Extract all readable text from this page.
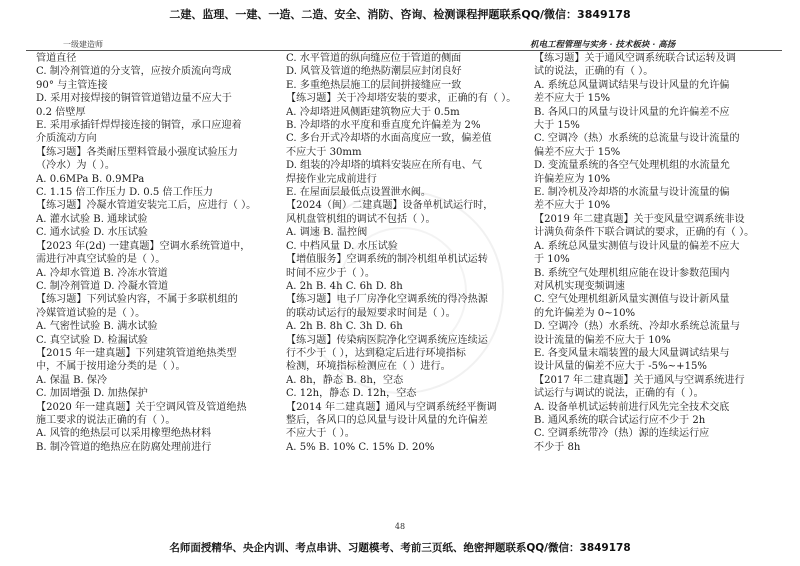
二建、监理、一建、一造、二造、安全、消防、咨询、检测课程押题联系QQ/微信：3849178
一级建造师	机电工程管理与实务 · 技术板块 · 高扬
管道直径
C. 制冷剂管道的分支管，应按介质流向弯成
90° 与主管连接
D. 采用对接焊接的铜管管道错边量不应大于
0.2 倍壁厚
E. 采用承插钎焊焊接连接的铜管，承口应迎着
介质流动方向
【练习题】各类耐压塑料管最小强度试验压力
（冷水）为（ ）。
A. 0.6MPa B. 0.9MPa
C. 1.15 倍工作压力 D. 0.5 倍工作压力
【练习题】冷凝水管道安装完工后，应进行（ ）。
A. 灌水试验 B. 通球试验
C. 通水试验 D. 水压试验
【2023 年(2d) 一建真题】空调水系统管道中，
需进行冲真空试验的是（ ）。
A. 冷却水管道 B. 冷冻水管道
C. 制冷剂管道 D. 冷凝水管道
【练习题】下列试验内容，不属于多联机组的
冷媒管道试验的是（ ）。
A. 气密性试验 B. 满水试验
C. 真空试验 D. 检漏试验
【2015 年一建真题】下列建筑管道绝热类型
中，不属于按用途分类的是（ ）。
A. 保温 B. 保冷
C. 加固增强 D. 加热保护
【2020 年一建真题】关于空调风管及管道绝热
施工要求的说法正确的有（ ）。
A. 风管的绝热层可以采用橡塑绝热材料
B. 制冷管道的绝热应在防腐处理前进行
C. 水平管道的纵向缝应位于管道的侧面
D. 风管及管道的绝热防潮层应封闭良好
E. 多重绝热层施工的层间拼接缝应一致
【练习题】关于冷却塔安装的要求，正确的有（ ）。
A. 冷却塔进风侧距建筑物应大于 0.5m
B. 冷却塔的水平度和垂直度允许偏差为 2%
C. 多台开式冷却塔的水面高度应一致，偏差值
不应大于 30mm
D. 组装的冷却塔的填料安装应在所有电、气
焊接作业完成前进行
E. 在屋面层最低点设置泄水阀。
【2024（闽）二建真题】设备单机试运行时，
风机盘管机组的调试不包括（ ）。
A. 调速 B. 温控阀
C. 中档风量 D. 水压试验
【增值服务】空调系统的制冷机组单机试运转
时间不应少于（ ）。
A. 2h B. 4h C. 6h D. 8h
【练习题】电子厂房净化空调系统的得冷热源
的联动试运行的最短要求时间是（ ）。
A. 2h B. 8h C. 3h D. 6h
【练习题】传染病医院净化空调系统应连续运
行不少于（ ），达到稳定后进行环境指标
检测，环境指标检测应在（ ）进行。
A. 8h，静态 B. 8h，空态
C. 12h，静态 D. 12h，空态
【2014 年二建真题】通风与空调系统经平衡调
整后，各风口的总风量与设计风量的允许偏差
不应大于（ ）。
A. 5% B. 10% C. 15% D. 20%
【练习题】关于通风空调系统联合试运转及调
试的说法，正确的有（ ）。
A. 系统总风量调试结果与设计风量的允许偏
差不应大于 15%
B. 各风口的风量与设计风量的允许偏差不应
大于 15%
C. 空调冷（热）水系统的总流量与设计流量的
偏差不应大于 15%
D. 变流量系统的各空气处理机组的水流量允
许偏差应为 10%
E. 制冷机及冷却塔的水流量与设计流量的偏
差不应大于 10%
【2019 年二建真题】关于变风量空调系统非设
计满负荷条件下联合调试的要求，正确的有（ ）。
A. 系统总风量实测值与设计风量的偏差不应大
于 10%
B. 系统空气处理机组应能在设计参数范围内
对风机实现变频调速
C. 空气处理机组新风量实测值与设计新风量
的允许偏差为 0~10%
D. 空调冷（热）水系统、冷却水系统总流量与
设计流量的偏差不应大于 10%
E. 各变风量末端装置的最大风量调试结果与
设计风量的偏差不应大于 -5%~+15%
【2017 年二建真题】关于通风与空调系统进行
试运行与调试的说法，正确的有（ ）。
A. 设备单机试运转前进行风先完全技术交底
B. 通风系统的联合试运行应不少于 2h
C. 空调系统带冷（热）源的连续运行应
不少于 8h
48
名师面授精华、央企内训、考点串讲、习题模考、考前三页纸、绝密押题联系QQ/微信：3849178
